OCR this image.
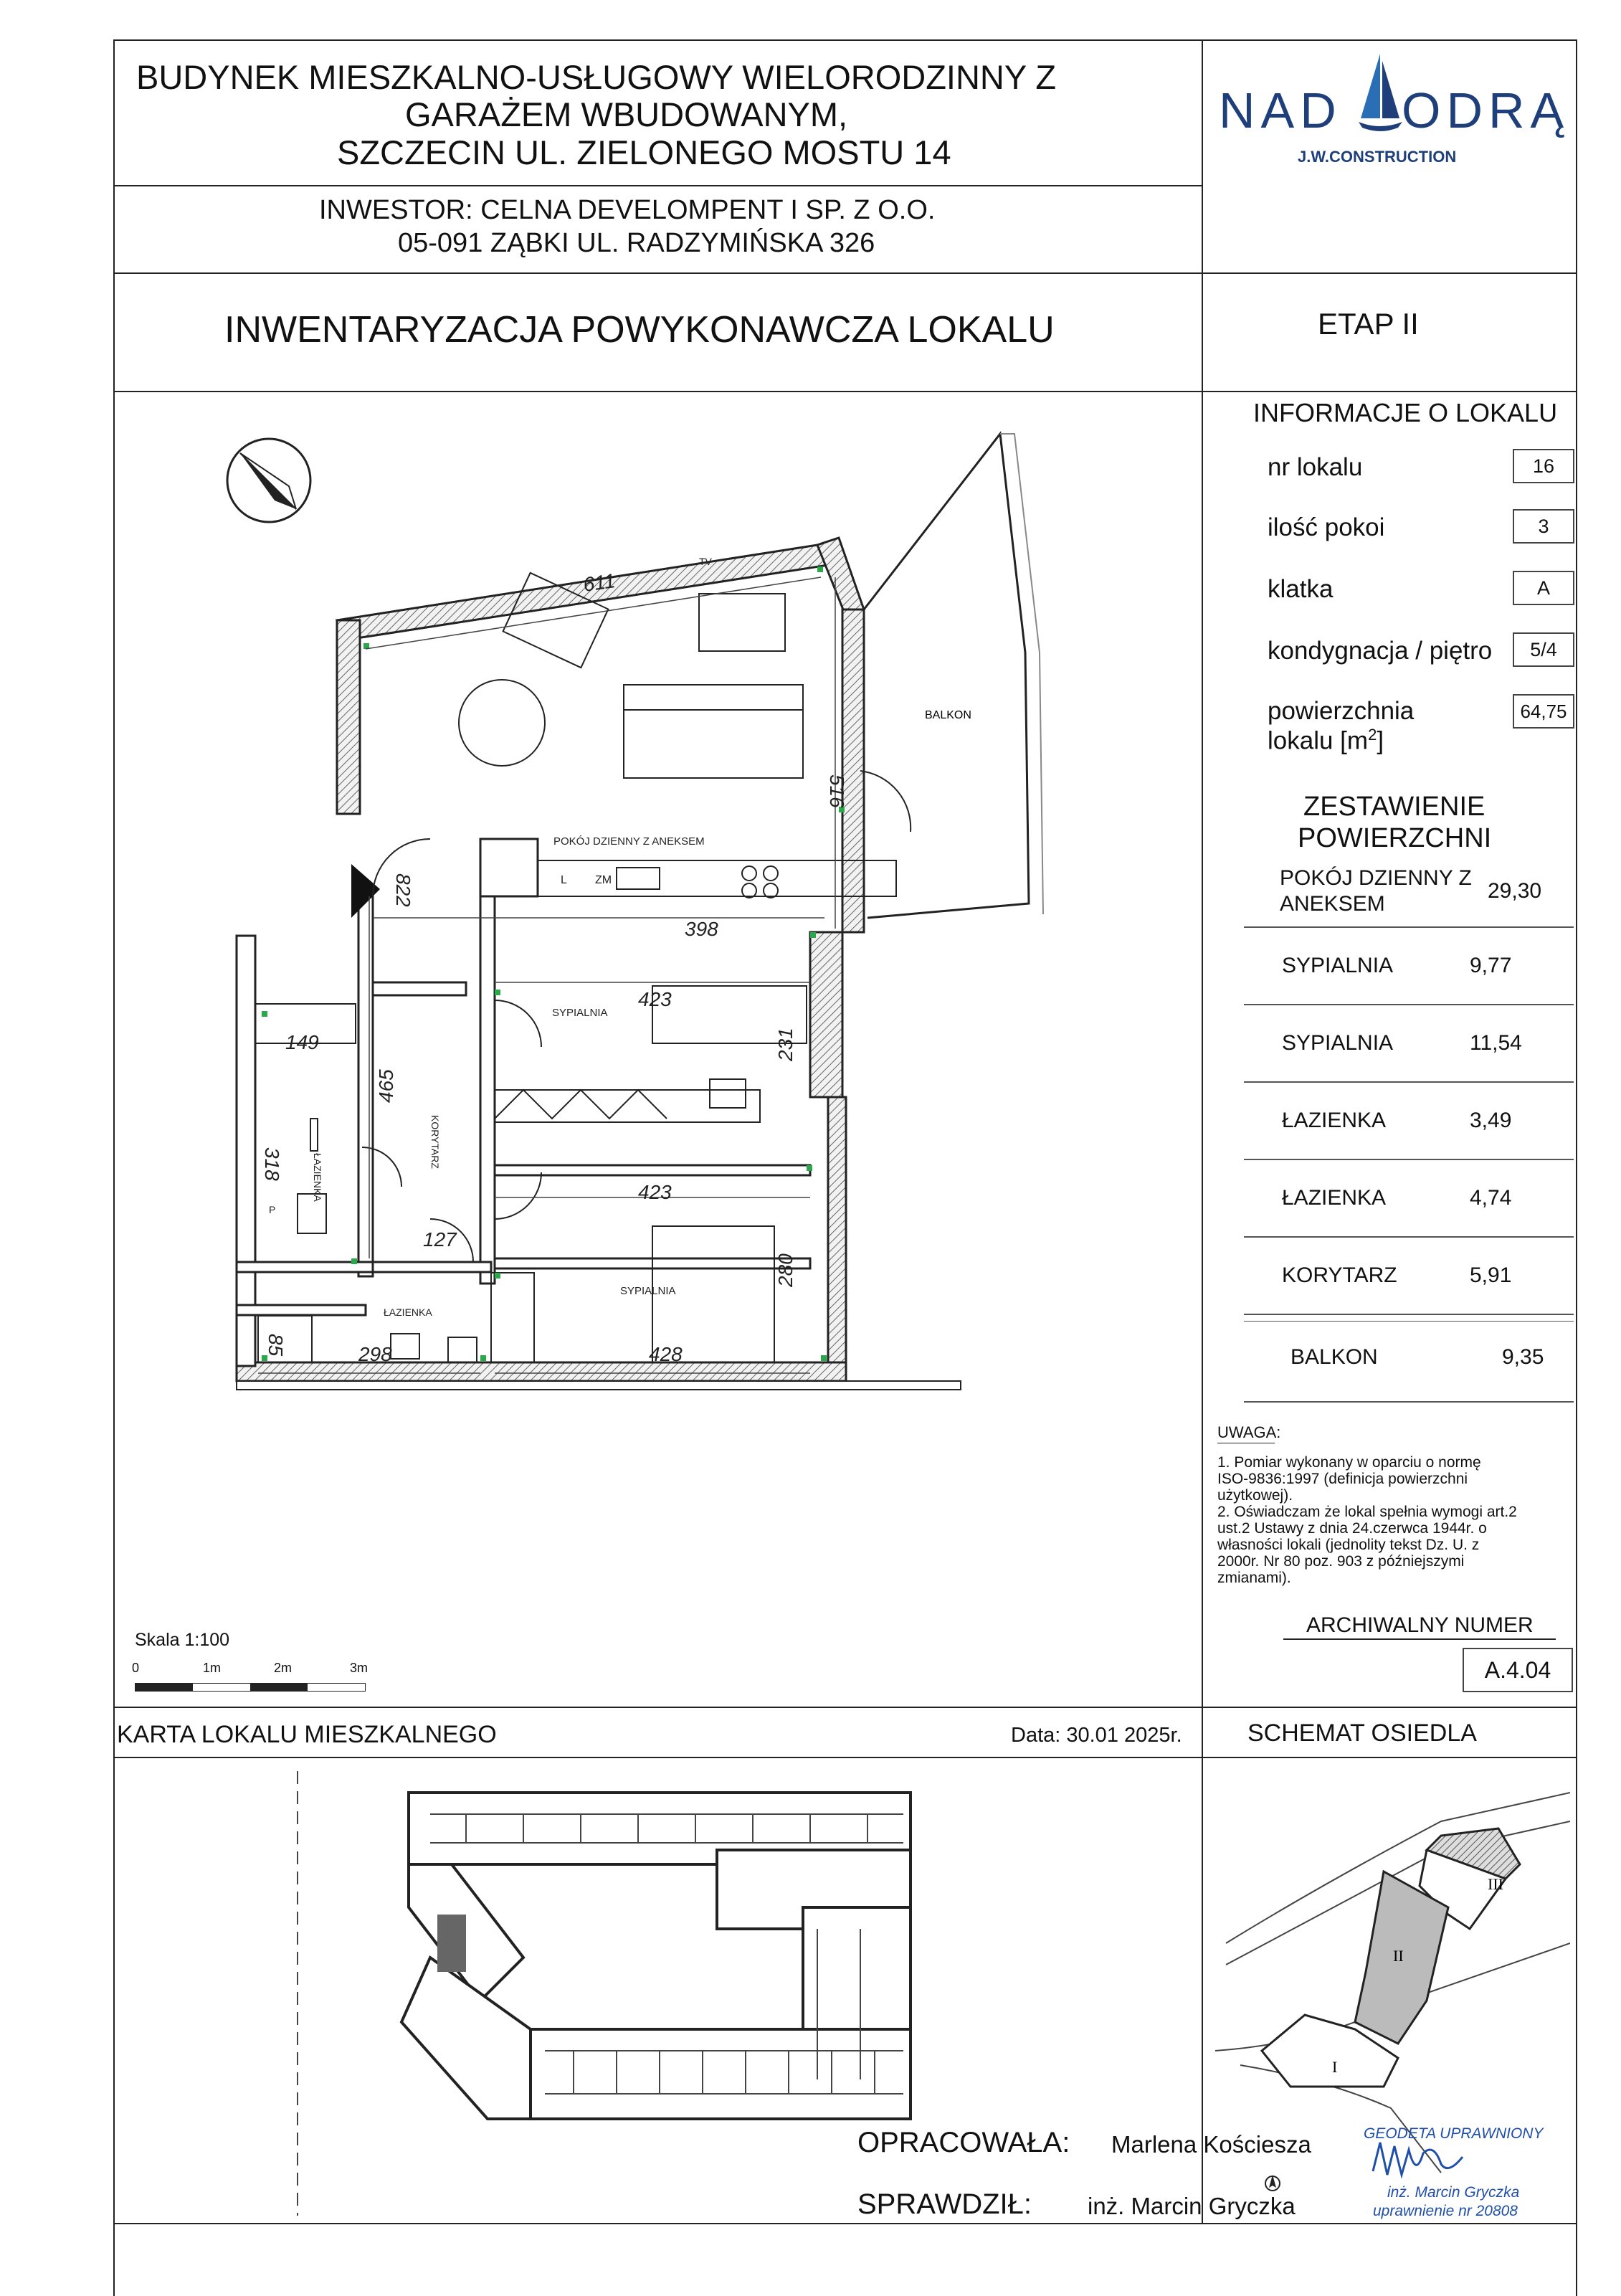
BUDYNEK MIESZKALNO-USŁUGOWY WIELORODZINNY Z
GARAŻEM WBUDOWANYM,
SZCZECIN UL. ZIELONEGO MOSTU 14
NAD ODRĄ
J.W.CONSTRUCTION
INWESTOR: CELNA DEVELOMPENT I SP. Z O.O.
05-091 ZĄBKI UL. RADZYMIŃSKA 326
INWENTARYZACJA POWYKONAWCZA LOKALU	ETAP II
INFORMACJE O LOKALU
nr lokalu	16
ilość pokoi	3
klatka	A
kondygnacja / piętro	5/4
powierzchnia
lokalu $[m^2]$
64,75
ZESTAWIENIE
POWIERZCHNI
POKÓJ DZIENNY Z
ANEKSEM
29,30
SYPIALNIA	9,77
SYPIALNIA	11,54
ŁAZIENKA	3,49
ŁAZIENKA	4,74
KORYTARZ	5,91
BALKON	9,35
UWAGA:
1. Pomiar wykonany w oparciu o normę
ISO-9836:1997 (definicja powierzchni
użytkowej).
2. Oświadczam że lokal spełnia wymogi art.2
ust.2 Ustawy z dnia 24.czerwca 1944r. o
własności lokali (jednolity tekst Dz. U. z
2000r. Nr 80 poz. 903 z późniejszymi
zmianami).
ARCHIWALNY NUMER
A.4.04
BALKON
L ZM
TV
POKÓJ DZIENNY Z ANEKSEM
SYPIALNIA
SYPIALNIA
ŁAZIENKA
P
ŁAZIENKA
KORYTARZ
611
516
398
822
423
231
465
149
318
423
127
280
85	298	428
Skala 1:100
0	1m	2m	3m
KARTA LOKALU MIESZKALNEGO	Data: 30.01 2025r.	SCHEMAT OSIEDLA
I
II
III
OPRACOWAŁA: Marlena Kościesza
SPRAWDZIŁ: inż. Marcin Gryczka
GEODETA UPRAWNIONY
inż. Marcin Gryczka
uprawnienie nr 20808
